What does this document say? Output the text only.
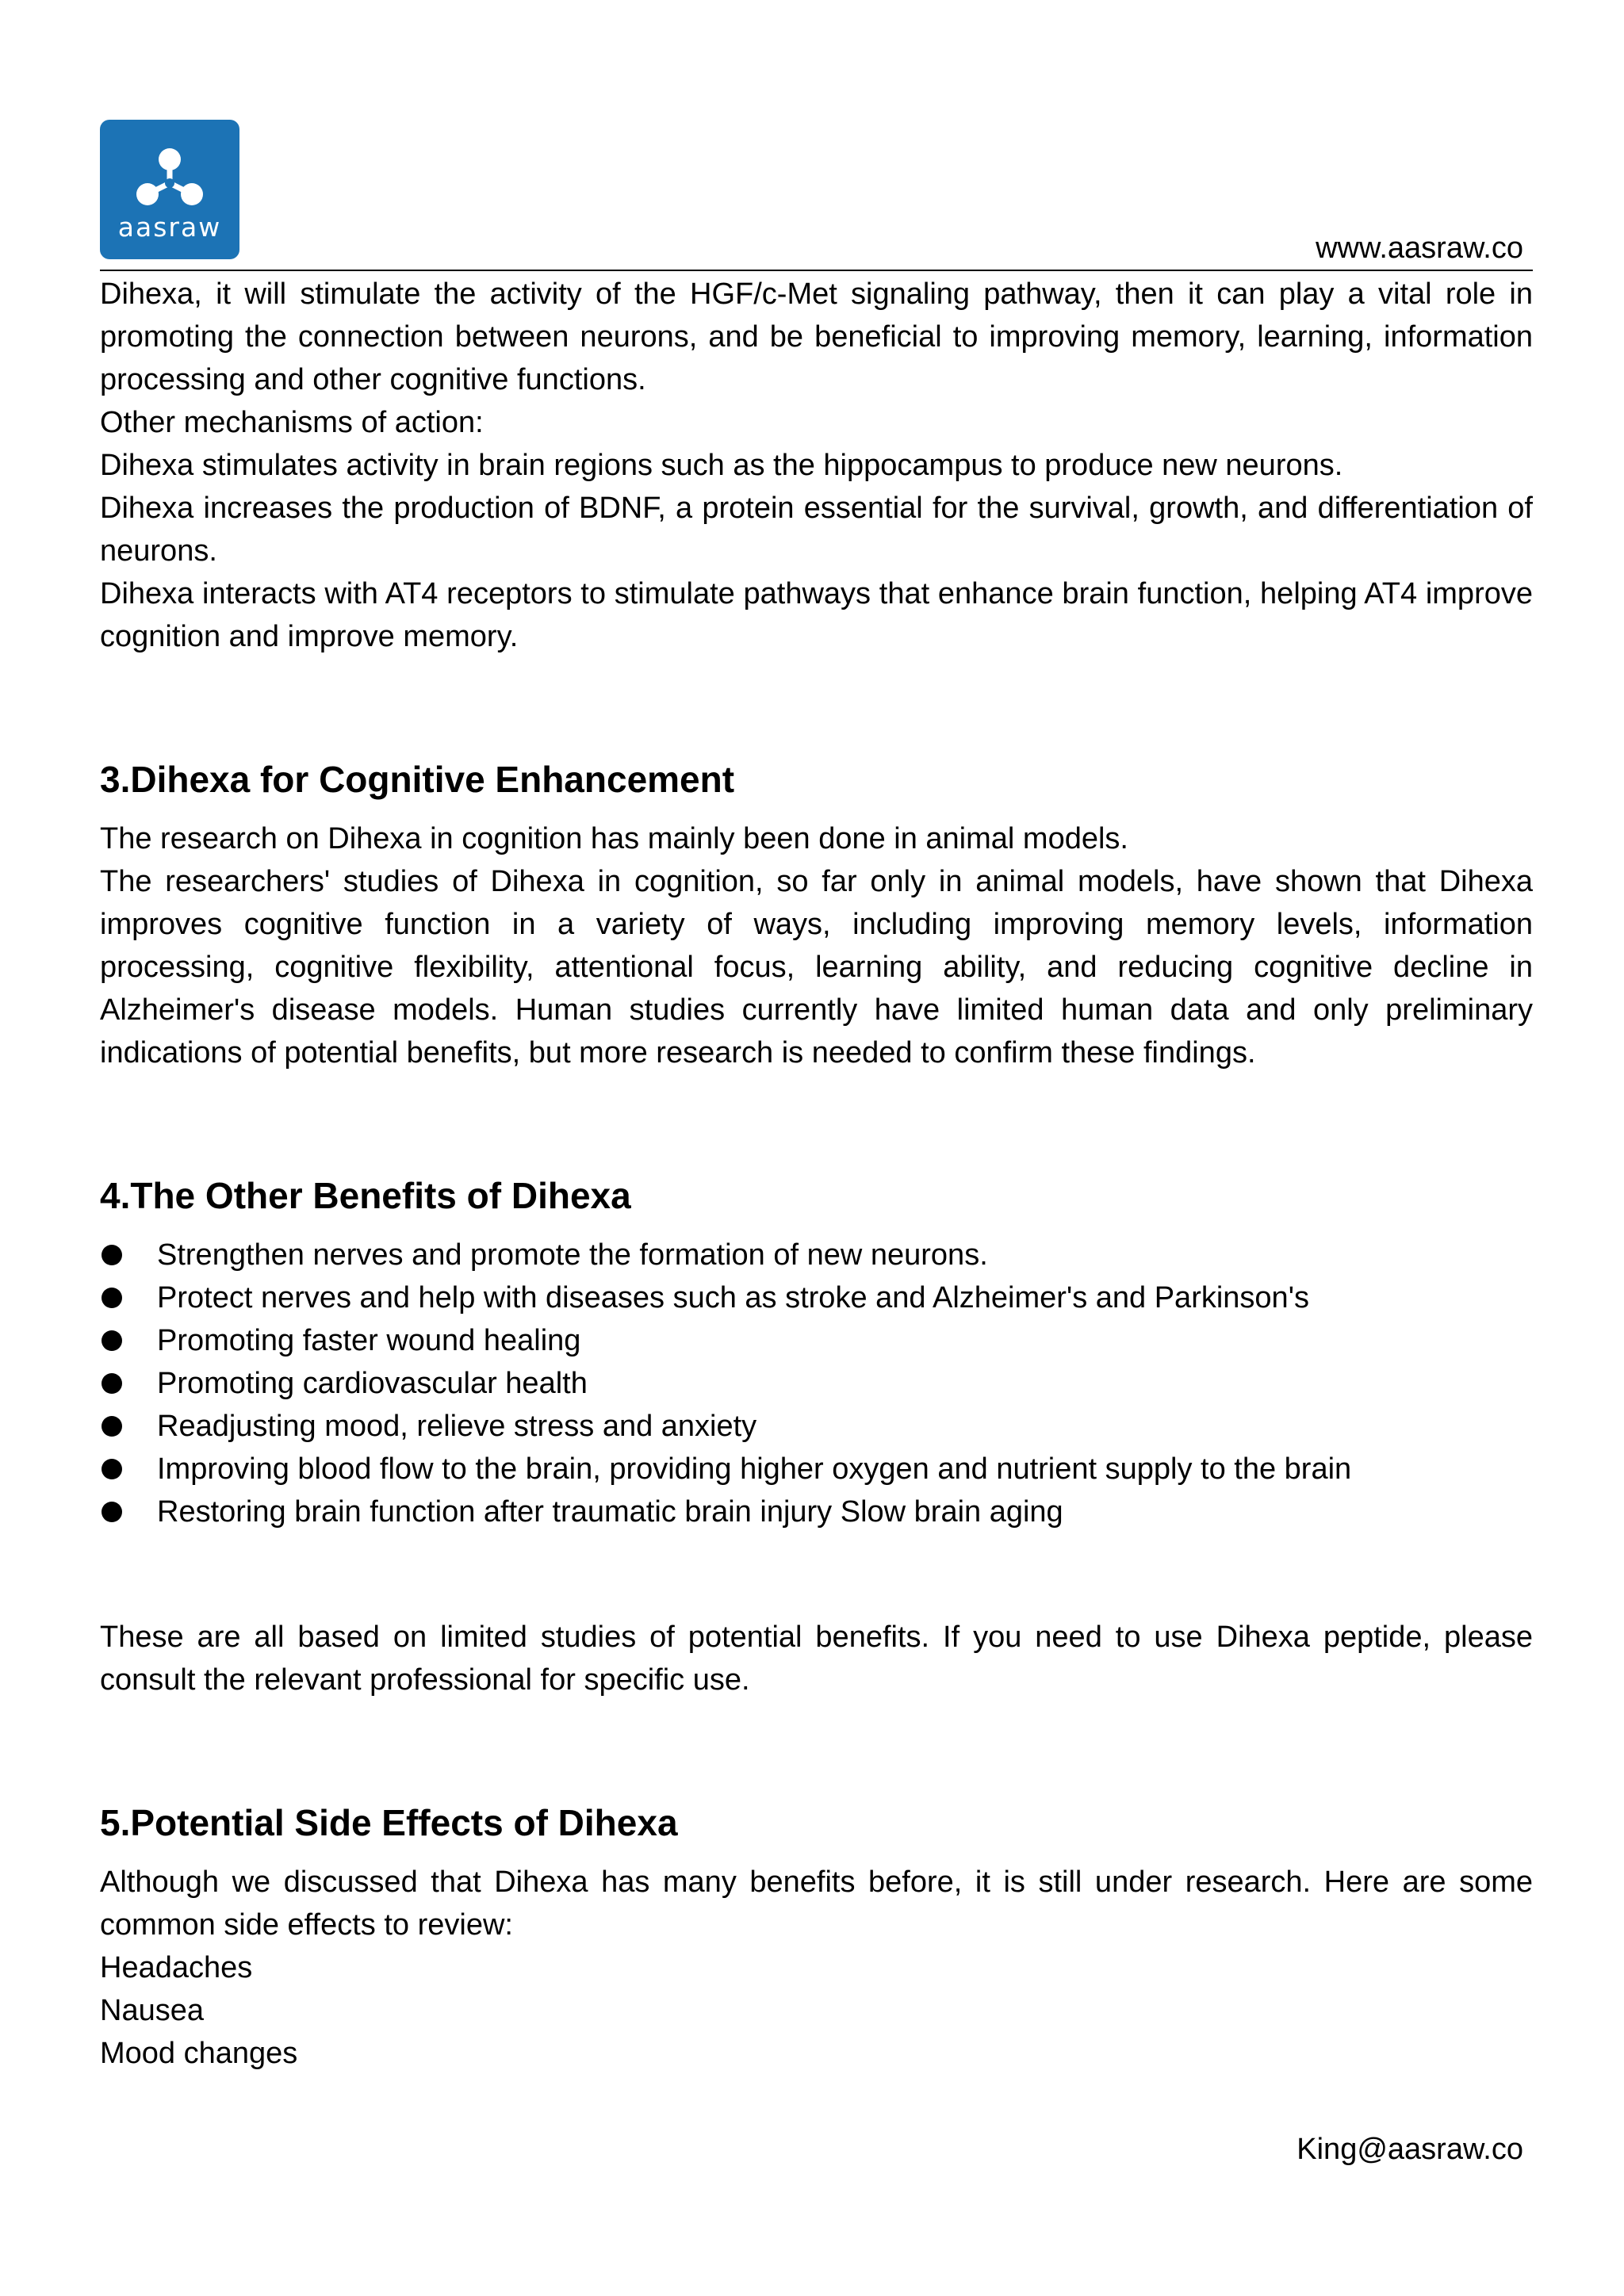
aasraw
www.aasraw.co

Dihexa, it will stimulate the activity of the HGF/c-Met signaling pathway, then it can play a vital role in promoting the connection between neurons, and be beneficial to improving memory, learning, information processing and other cognitive functions.

Other mechanisms of action:

Dihexa stimulates activity in brain regions such as the hippocampus to produce new neurons.

Dihexa increases the production of BDNF, a protein essential for the survival, growth, and differentiation of neurons.

Dihexa interacts with AT4 receptors to stimulate pathways that enhance brain function, helping AT4 improve cognition and improve memory.

3.Dihexa for Cognitive Enhancement

The research on Dihexa in cognition has mainly been done in animal models.

The researchers' studies of Dihexa in cognition, so far only in animal models, have shown that Dihexa improves cognitive function in a variety of ways, including improving memory levels, information processing, cognitive flexibility, attentional focus, learning ability, and reducing cognitive decline in Alzheimer's disease models. Human studies currently have limited human data and only preliminary indications of potential benefits, but more research is needed to confirm these findings.

4.The Other Benefits of Dihexa
Strengthen nerves and promote the formation of new neurons.
Protect nerves and help with diseases such as stroke and Alzheimer's and Parkinson's
Promoting faster wound healing
Promoting cardiovascular health
Readjusting mood, relieve stress and anxiety
Improving blood flow to the brain, providing higher oxygen and nutrient supply to the brain
Restoring brain function after traumatic brain injury Slow brain aging

These are all based on limited studies of potential benefits. If you need to use Dihexa peptide, please consult the relevant professional for specific use.

5.Potential Side Effects of Dihexa

Although we discussed that Dihexa has many benefits before, it is still under research. Here are some common side effects to review:

Headaches

Nausea

Mood changes

King@aasraw.co
